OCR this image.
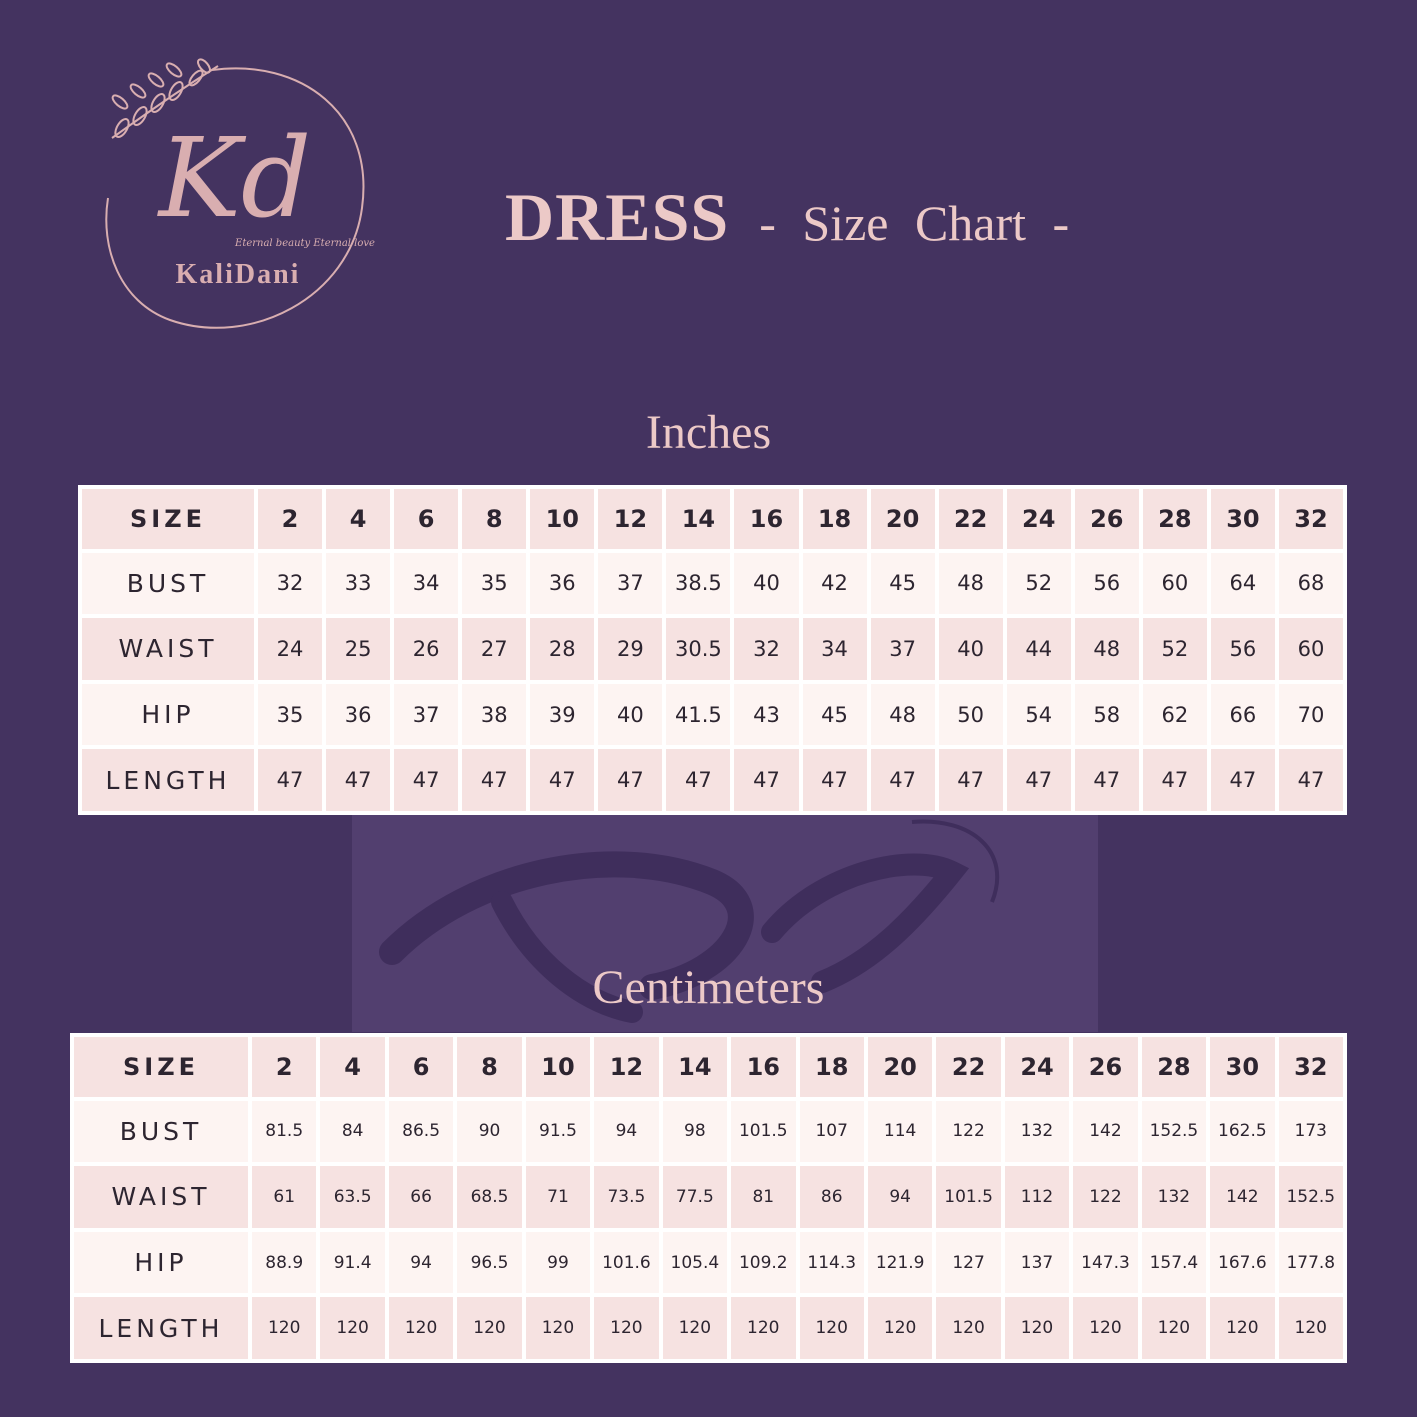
Kd
Eternal beauty Eternal love
KaliDani
DRESS - Size Chart -
Inches
SIZE	2	4	6	8	10	12	14	16	18	20	22	24	26	28	30	32
BUST	32	33	34	35	36	37	38.5	40	42	45	48	52	56	60	64	68
WAIST	24	25	26	27	28	29	30.5	32	34	37	40	44	48	52	56	60
HIP	35	36	37	38	39	40	41.5	43	45	48	50	54	58	62	66	70
LENGTH	47	47	47	47	47	47	47	47	47	47	47	47	47	47	47	47
Centimeters
SIZE	2	4	6	8	10	12	14	16	18	20	22	24	26	28	30	32
BUST	81.5	84	86.5	90	91.5	94	98	101.5	107	114	122	132	142	152.5	162.5	173
WAIST	61	63.5	66	68.5	71	73.5	77.5	81	86	94	101.5	112	122	132	142	152.5
HIP	88.9	91.4	94	96.5	99	101.6	105.4	109.2	114.3	121.9	127	137	147.3	157.4	167.6	177.8
LENGTH	120	120	120	120	120	120	120	120	120	120	120	120	120	120	120	120
